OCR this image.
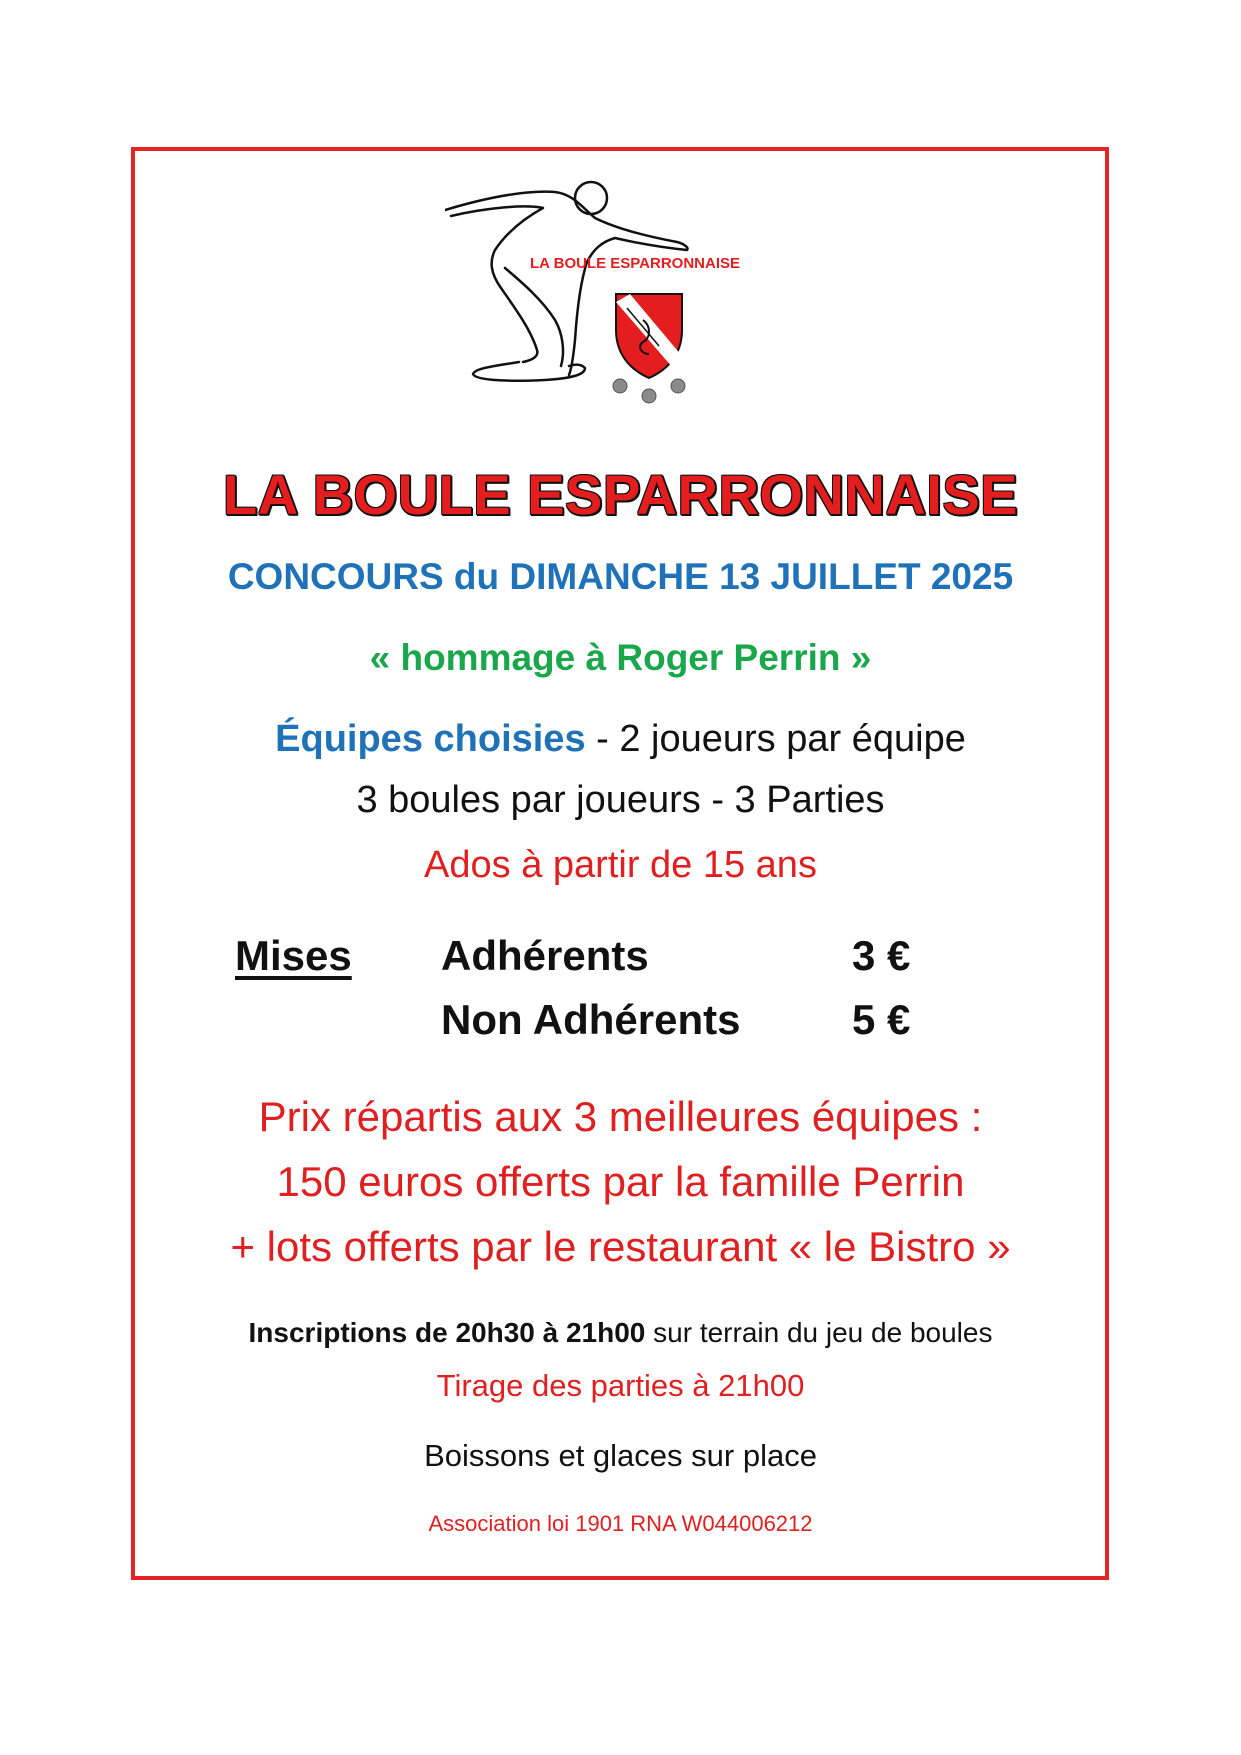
LA BOULE ESPARRONNAISE
LA BOULE ESPARRONNAISE
CONCOURS du DIMANCHE 13 JUILLET 2025
« hommage à Roger Perrin »
Équipes choisies - 2 joueurs par équipe
3 boules par joueurs - 3 Parties
Ados à partir de 15 ans
Mises Adhérents	3 €
Non Adhérents	5 €
Prix répartis aux 3 meilleures équipes :
150 euros offerts par la famille Perrin
+ lots offerts par le restaurant « le Bistro »
Inscriptions de 20h30 à 21h00 sur terrain du jeu de boules
Tirage des parties à 21h00
Boissons et glaces sur place
Association loi 1901 RNA W044006212
